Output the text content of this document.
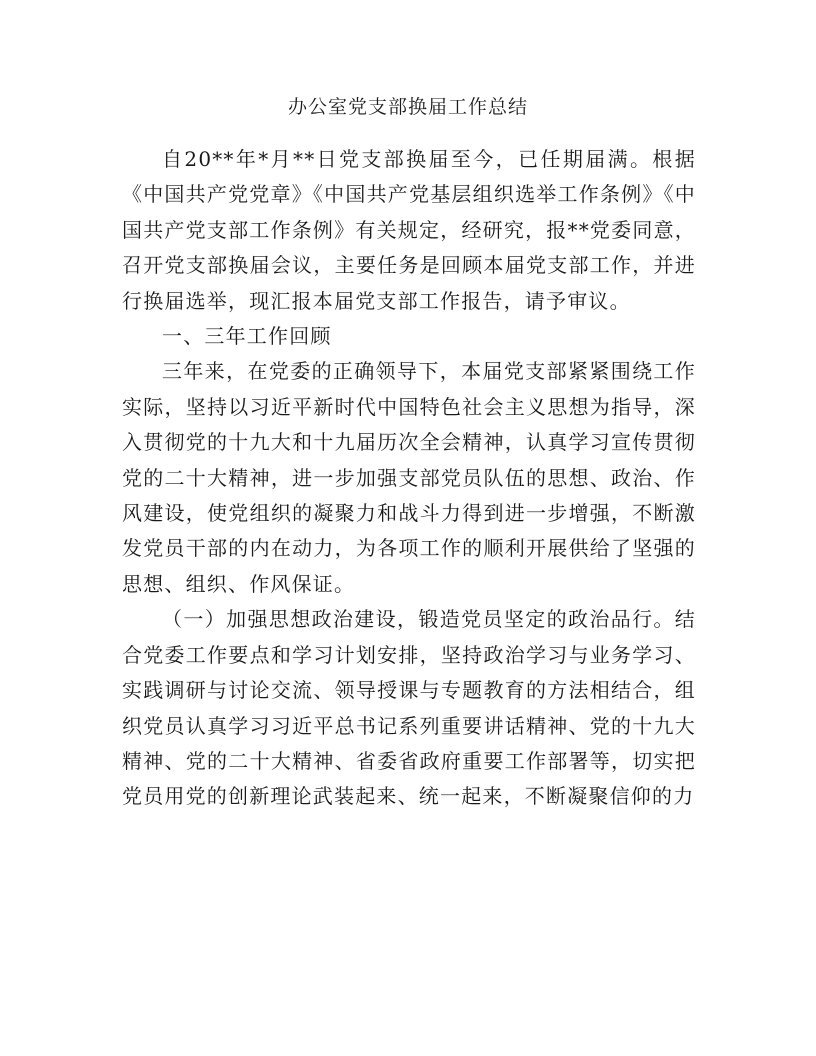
办公室党支部换届工作总结

自20**年*月**日党支部换届至今，已任期届满。根据《中国共产党党章》《中国共产党基层组织选举工作条例》《中国共产党支部工作条例》有关规定，经研究，报**党委同意，召开党支部换届会议，主要任务是回顾本届党支部工作，并进行换届选举，现汇报本届党支部工作报告，请予审议。

一、三年工作回顾

三年来，在党委的正确领导下，本届党支部紧紧围绕工作实际，坚持以习近平新时代中国特色社会主义思想为指导，深入贯彻党的十九大和十九届历次全会精神，认真学习宣传贯彻党的二十大精神，进一步加强支部党员队伍的思想、政治、作风建设，使党组织的凝聚力和战斗力得到进一步增强，不断激发党员干部的内在动力，为各项工作的顺利开展供给了坚强的思想、组织、作风保证。

（一）加强思想政治建设，锻造党员坚定的政治品行。结合党委工作要点和学习计划安排，坚持政治学习与业务学习、实践调研与讨论交流、领导授课与专题教育的方法相结合，组织党员认真学习习近平总书记系列重要讲话精神、党的十九大精神、党的二十大精神、省委省政府重要工作部署等，切实把党员用党的创新理论武装起来、统一起来，不断凝聚信仰的力
